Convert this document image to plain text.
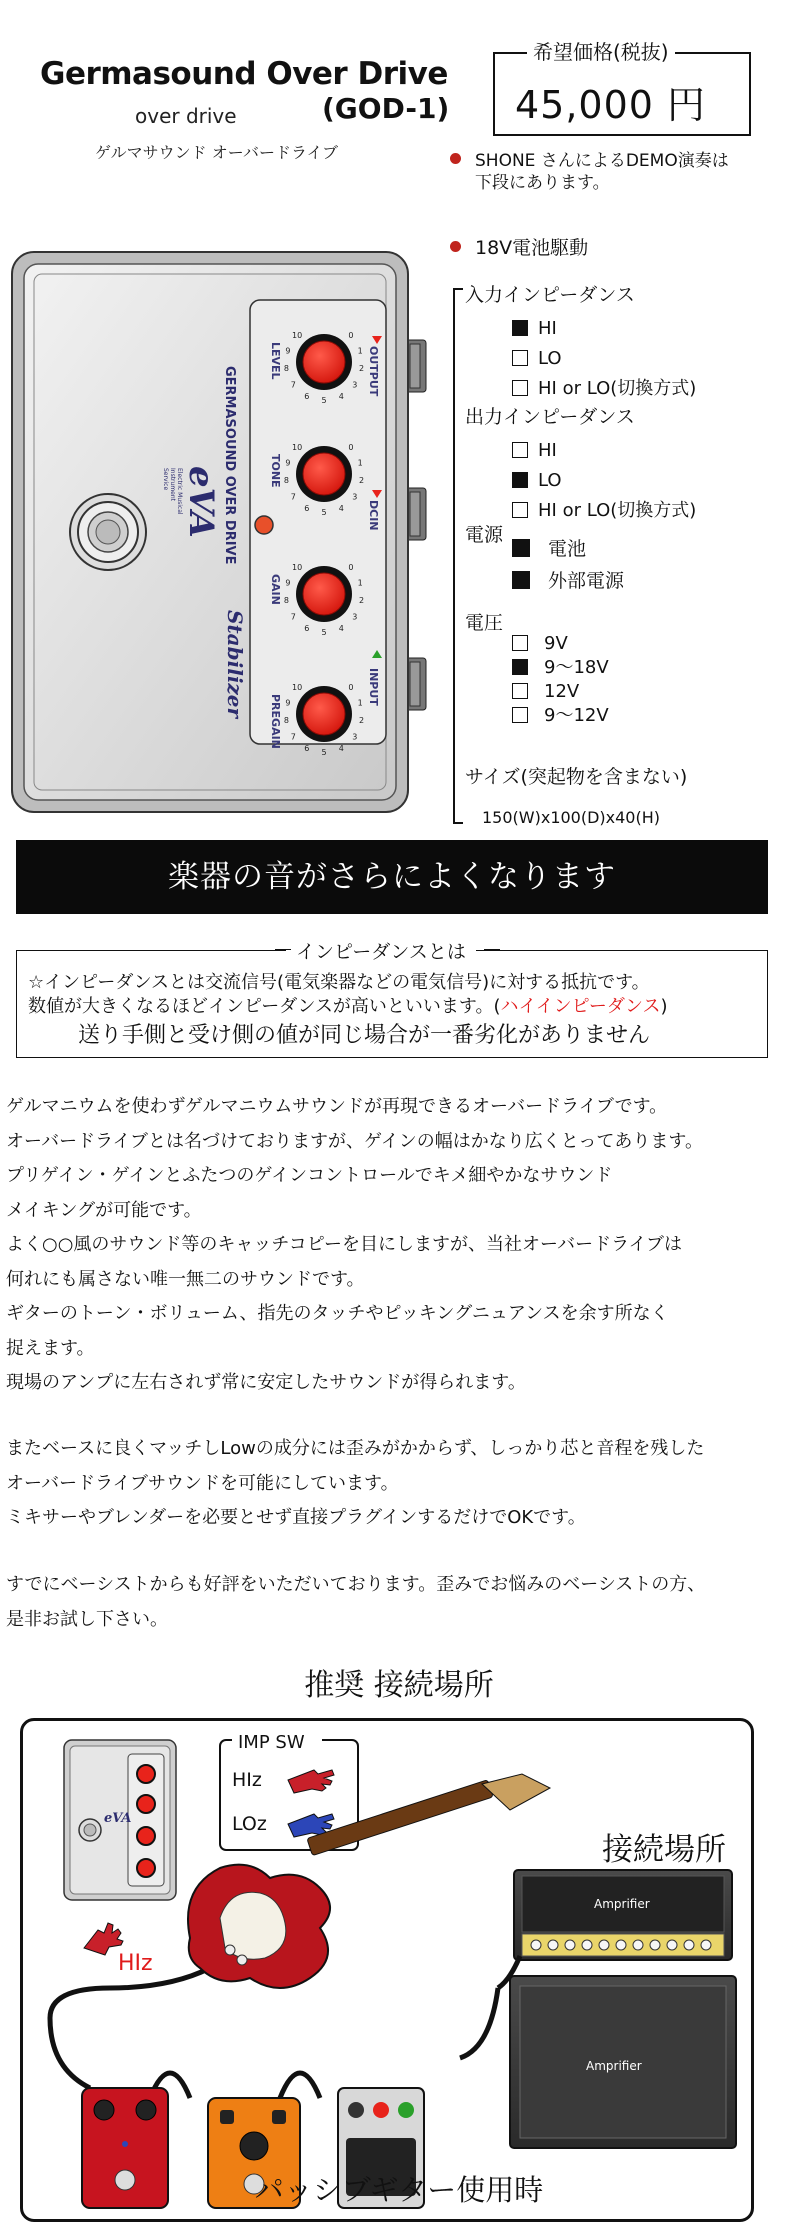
Germasound Over Drive
(GOD-1)
over drive
ゲルマサウンド オーバードライブ
希望価格(税抜)
45,000 円
SHONE さんによるDEMO演奏は
下段にあります。
18V電池駆動
入力インピーダンス
HI
LO
HI or LO(切換方式)
出力インピーダンス
HI
LO
HI or LO(切換方式)
電源
電池
外部電源
電圧
9V
9～18V
12V
9～12V
サイズ(突起物を含まない)
150(W)x100(D)x40(H)
GERMASOUND OVER DRIVE
Stabilizer
eVA
Electric Musical
Instrument
Service
0
1
2
3
4
5
6
7
8
9
10
LEVEL
0
1
2
3
4
5
6
7
8
9
10
TONE
0
1
2
3
4
5
6
7
8
9
10
GAIN
0
1
2
3
4
5
6
7
8
9
10
PREGAIN
OUTPUT
DCIN
INPUT
楽器の音がさらによくなります
インピーダンスとは
☆インピーダンスとは交流信号(電気楽器などの電気信号)に対する抵抗です。
数値が大きくなるほどインピーダンスが高いといいます。(ハイインピーダンス)
送り手側と受け側の値が同じ場合が一番劣化がありません
ゲルマニウムを使わずゲルマニウムサウンドが再現できるオーバードライブです。
オーバードライブとは名づけておりますが、ゲインの幅はかなり広くとってあります。
プリゲイン・ゲインとふたつのゲインコントロールでキメ細やかなサウンド
メイキングが可能です。
よく○○風のサウンド等のキャッチコピーを目にしますが、当社オーバードライブは
何れにも属さない唯一無二のサウンドです。
ギターのトーン・ボリューム、指先のタッチやピッキングニュアンスを余す所なく
捉えます。
現場のアンプに左右されず常に安定したサウンドが得られます。
またベースに良くマッチしLowの成分には歪みがかからず、しっかり芯と音程を残した
オーバードライブサウンドを可能にしています。
ミキサーやブレンダーを必要とせず直接プラグインするだけでOKです。
すでにベーシストからも好評をいただいております。歪みでお悩みのベーシストの方、
是非お試し下さい。
推奨 接続場所
eVA
IMP SW
HIz
LOz
接続場所
Amprifier
Amprifier
HIz
パッシブギター使用時
